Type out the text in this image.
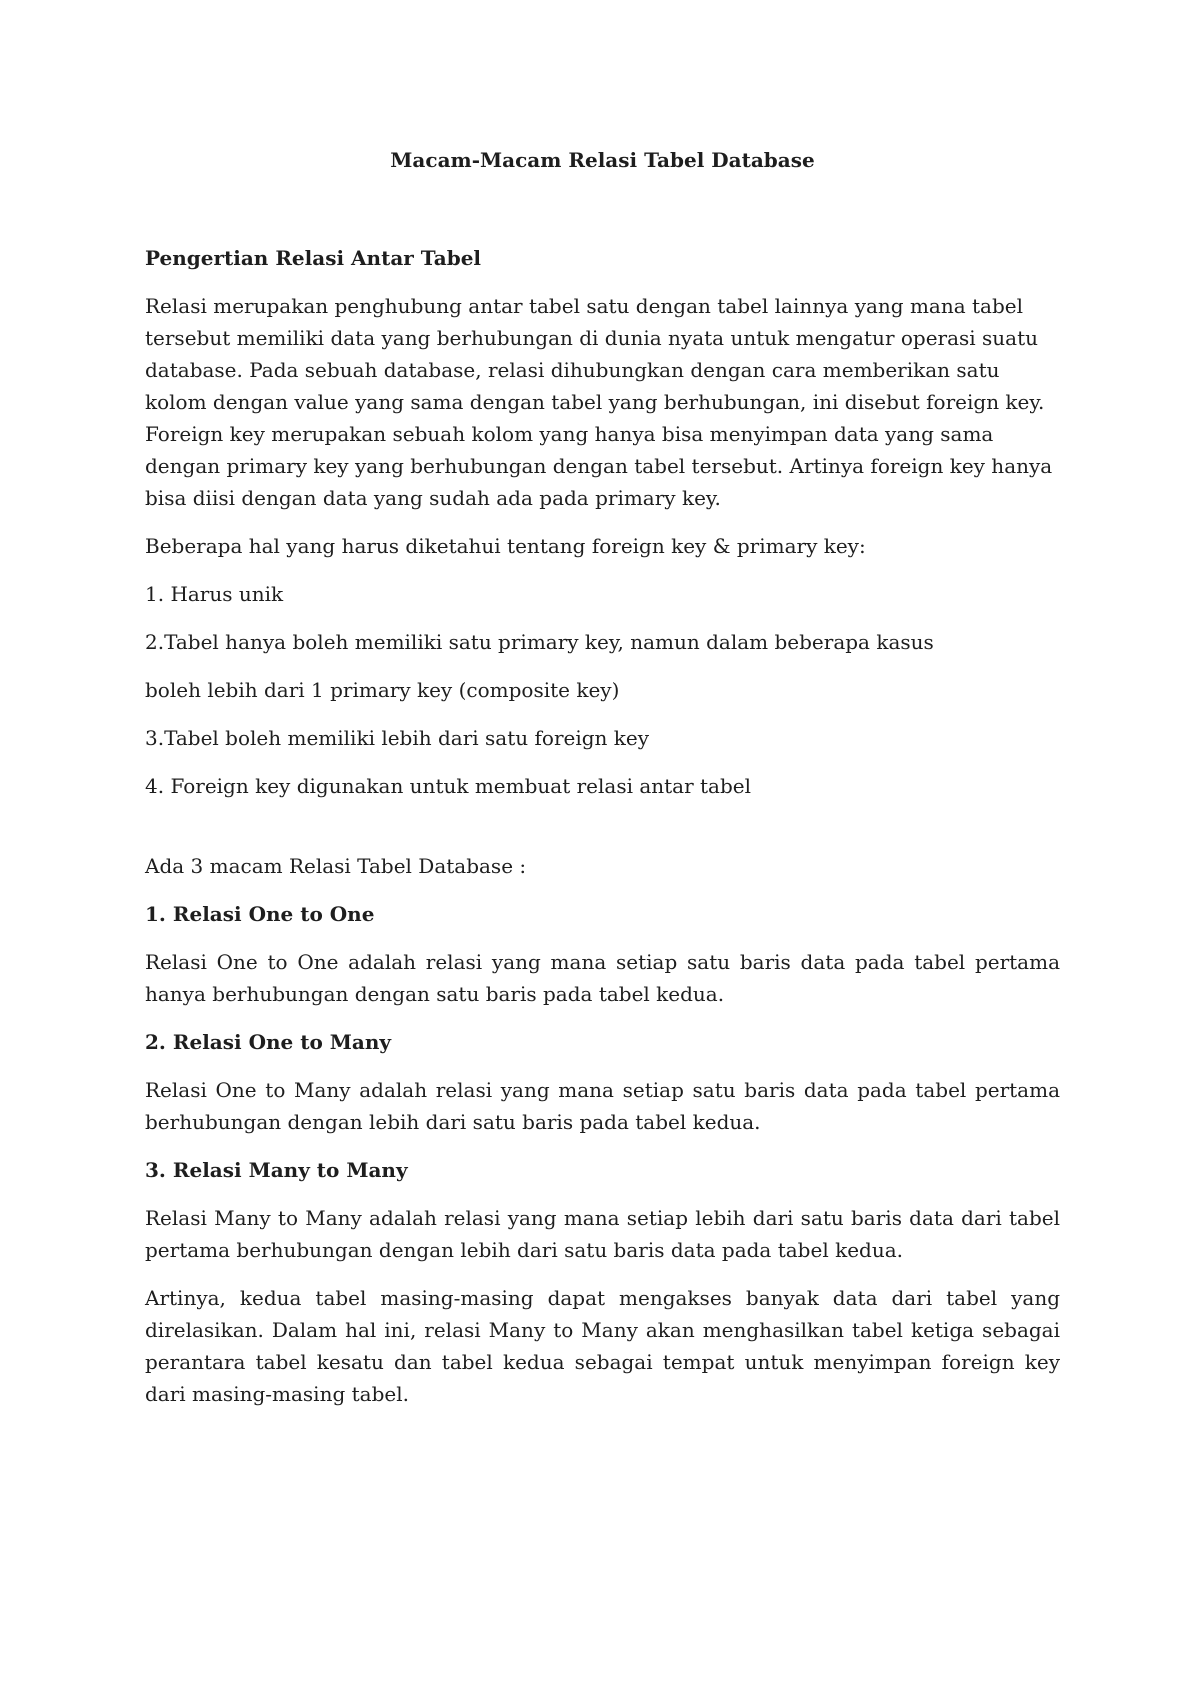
Macam-Macam Relasi Tabel Database
Pengertian Relasi Antar Tabel
Relasi merupakan penghubung antar tabel satu dengan tabel lainnya yang mana tabel tersebut memiliki data yang berhubungan di dunia nyata untuk mengatur operasi suatu database. Pada sebuah database, relasi dihubungkan dengan cara memberikan satu kolom dengan value yang sama dengan tabel yang berhubungan, ini disebut foreign key. Foreign key merupakan sebuah kolom yang hanya bisa menyimpan data yang sama dengan primary key yang berhubungan dengan tabel tersebut. Artinya foreign key hanya bisa diisi dengan data yang sudah ada pada primary key.
Beberapa hal yang harus diketahui tentang foreign key & primary key:
1. Harus unik
2.Tabel hanya boleh memiliki satu primary key, namun dalam beberapa kasus
boleh lebih dari 1 primary key (composite key)
3.Tabel boleh memiliki lebih dari satu foreign key
4. Foreign key digunakan untuk membuat relasi antar tabel
Ada 3 macam Relasi Tabel Database :
1. Relasi One to One
Relasi One to One adalah relasi yang mana setiap satu baris data pada tabel pertama hanya berhubungan dengan satu baris pada tabel kedua.
2. Relasi One to Many
Relasi One to Many adalah relasi yang mana setiap satu baris data pada tabel pertama berhubungan dengan lebih dari satu baris pada tabel kedua.
3. Relasi Many to Many
Relasi Many to Many adalah relasi yang mana setiap lebih dari satu baris data dari tabel pertama berhubungan dengan lebih dari satu baris data pada tabel kedua.
Artinya, kedua tabel masing-masing dapat mengakses banyak data dari tabel yang direlasikan. Dalam hal ini, relasi Many to Many akan menghasilkan tabel ketiga sebagai perantara tabel kesatu dan tabel kedua sebagai tempat untuk menyimpan foreign key dari masing-masing tabel.
